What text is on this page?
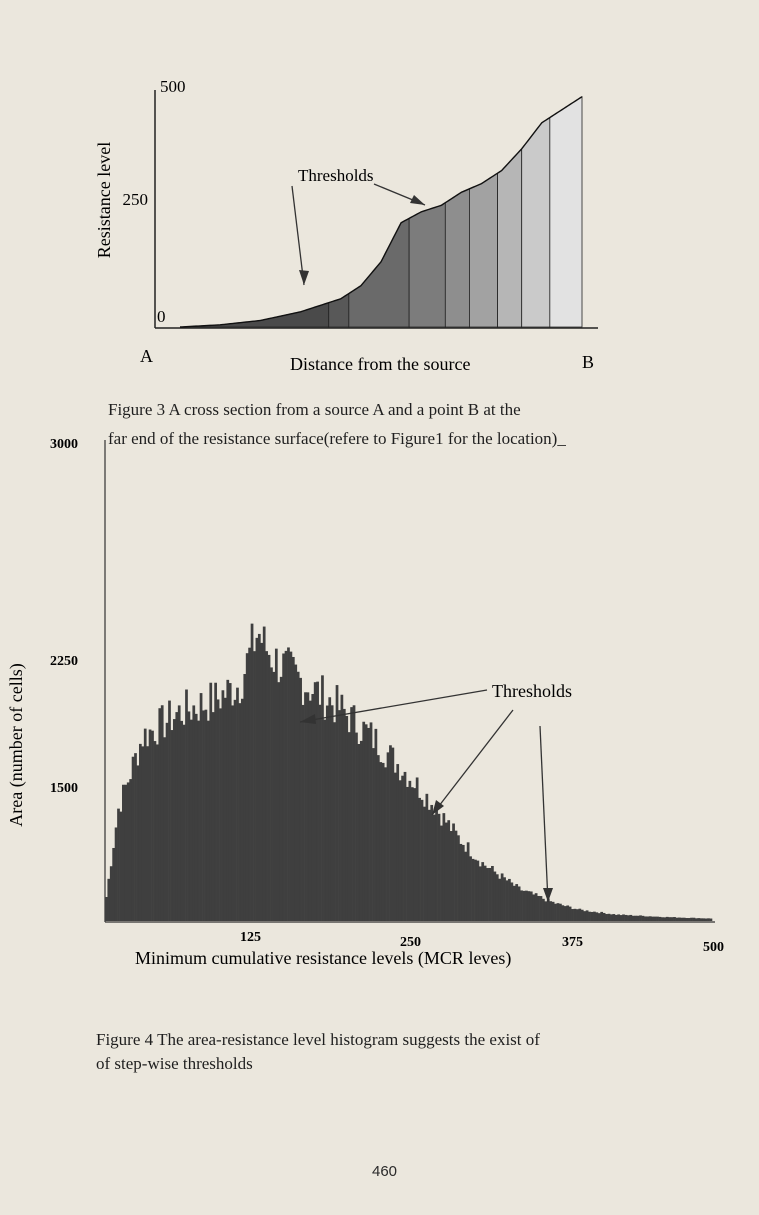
500
250
0
Resistance level
A	B
Distance from the source
Thresholds
3000
2250
1500
125	250	375	500
Minimum cumulative resistance levels (MCR leves)
Area (number of cells)	Thresholds
Figure 3 A cross section from a source A and a point B at the
far end of the resistance surface(refere to Figure1 for the location)_
Figure 4 The area-resistance level histogram suggests the exist of
of step-wise thresholds
460
